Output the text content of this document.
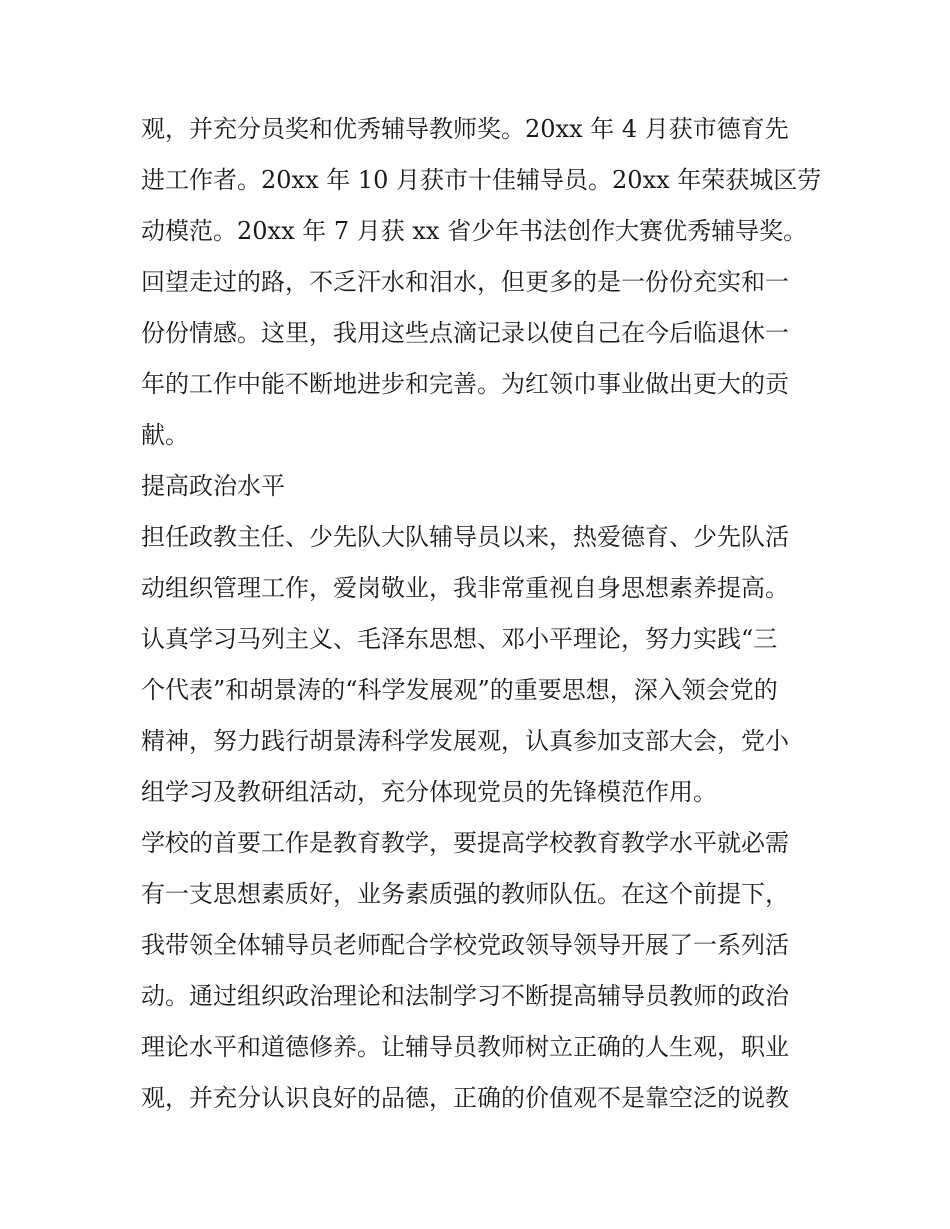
观，并充分员奖和优秀辅导教师奖。20xx 年 4 月获市德育先
进工作者。20xx 年 10 月获市十佳辅导员。20xx 年荣获城区劳
动模范。20xx 年 7 月获 xx 省少年书法创作大赛优秀辅导奖。
回望走过的路，不乏汗水和泪水，但更多的是一份份充实和一
份份情感。这里，我用这些点滴记录以使自己在今后临退休一
年的工作中能不断地进步和完善。为红领巾事业做出更大的贡
献。
提高政治水平
担任政教主任、少先队大队辅导员以来，热爱德育、少先队活
动组织管理工作，爱岗敬业，我非常重视自身思想素养提高。
认真学习马列主义、毛泽东思想、邓小平理论，努力实践“三
个代表”和胡景涛的“科学发展观”的重要思想，深入领会党的
精神，努力践行胡景涛科学发展观，认真参加支部大会，党小
组学习及教研组活动，充分体现党员的先锋模范作用。
学校的首要工作是教育教学，要提高学校教育教学水平就必需
有一支思想素质好，业务素质强的教师队伍。在这个前提下，
我带领全体辅导员老师配合学校党政领导领导开展了一系列活
动。通过组织政治理论和法制学习不断提高辅导员教师的政治
理论水平和道德修养。让辅导员教师树立正确的人生观，职业
观，并充分认识良好的品德，正确的价值观不是靠空泛的说教
